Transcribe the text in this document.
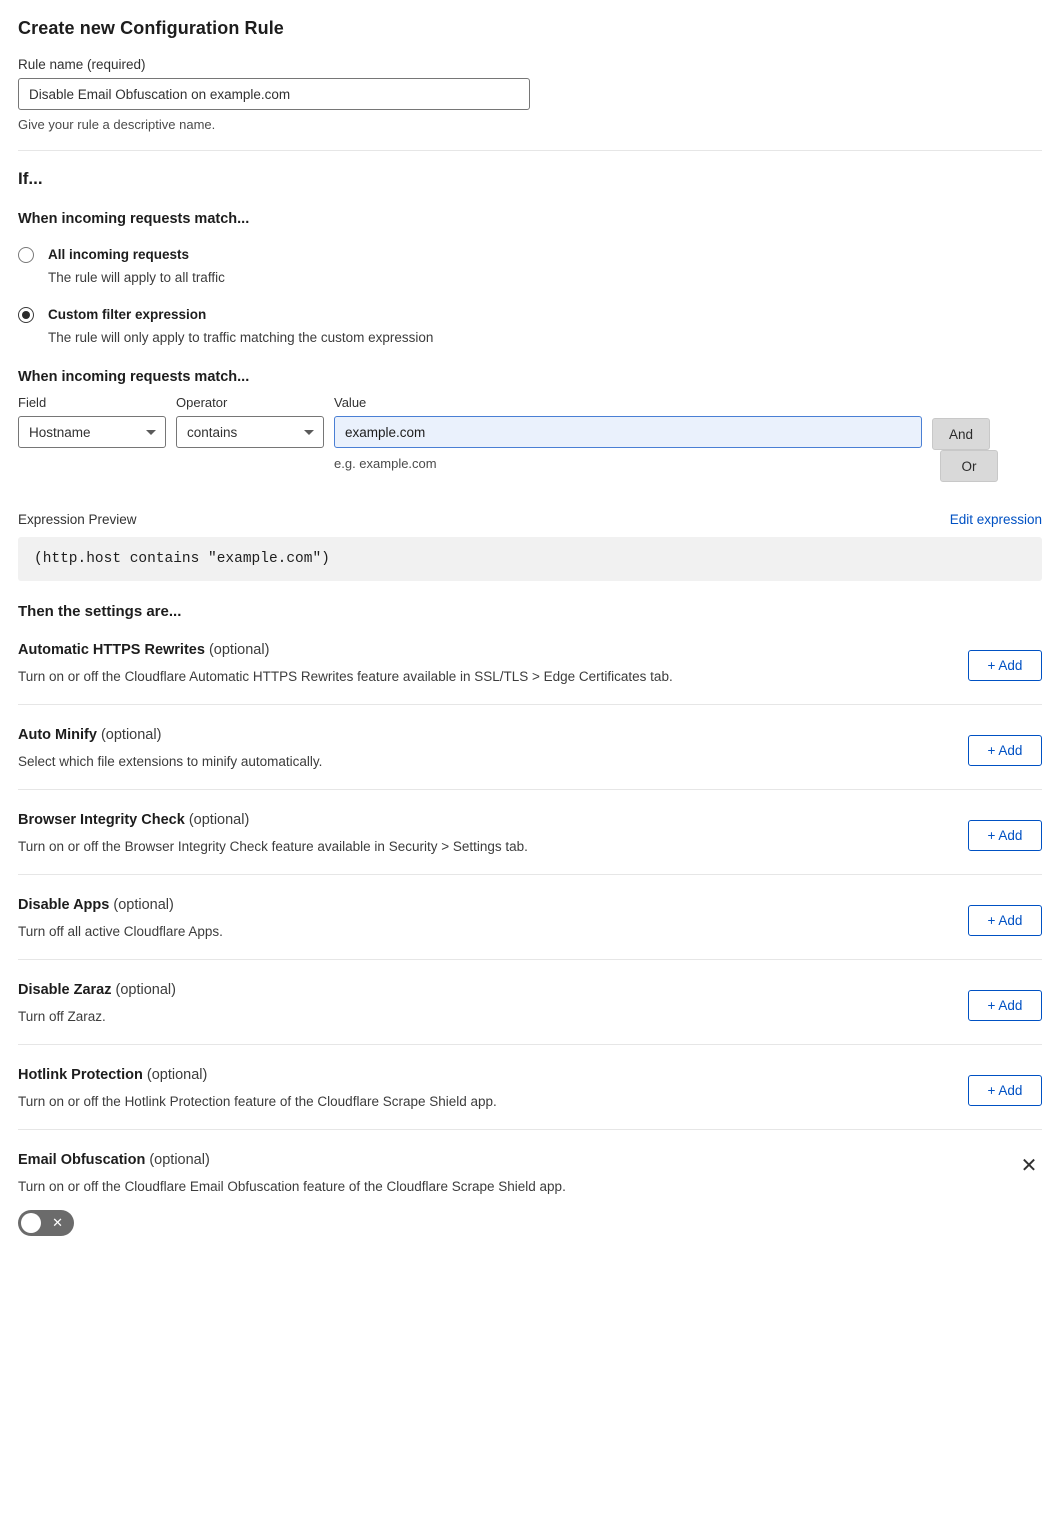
Create new Configuration Rule
Rule name (required)
Disable Email Obfuscation on example.com
Give your rule a descriptive name.
If...
When incoming requests match...
All incoming requests
The rule will apply to all traffic
Custom filter expression
The rule will only apply to traffic matching the custom expression
When incoming requests match...
Field
Hostname
Operator
contains
Value
example.com
e.g. example.com
And Or
Expression Preview	Edit expression
(http.host contains "example.com")
Then the settings are...
Automatic HTTPS Rewrites (optional)
Turn on or off the Cloudflare Automatic HTTPS Rewrites feature available in SSL/TLS > Edge Certificates tab.
+ Add
Auto Minify (optional)
Select which file extensions to minify automatically.
+ Add
Browser Integrity Check (optional)
Turn on or off the Browser Integrity Check feature available in Security > Settings tab.
+ Add
Disable Apps (optional)
Turn off all active Cloudflare Apps.
+ Add
Disable Zaraz (optional)
Turn off Zaraz.
+ Add
Hotlink Protection (optional)
Turn on or off the Hotlink Protection feature of the Cloudflare Scrape Shield app.
+ Add
Email Obfuscation (optional)
Turn on or off the Cloudflare Email Obfuscation feature of the Cloudflare Scrape Shield app.
✕
✕
